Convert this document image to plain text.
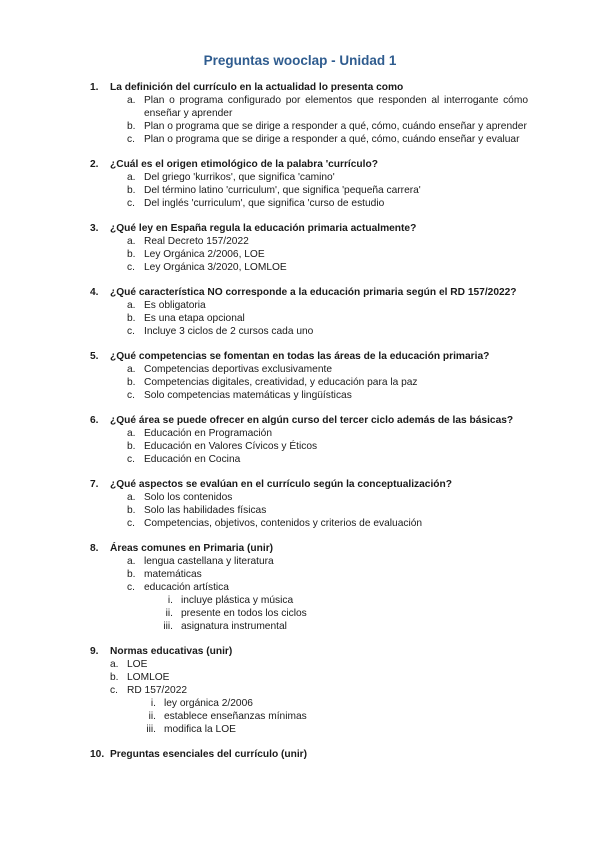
Preguntas wooclap - Unidad 1
1.	La definición del currículo en la actualidad lo presenta como
a. Plan o programa configurado por elementos que responden al interrogante cómo enseñar y aprender
b. Plan o programa que se dirige a responder a qué, cómo, cuándo enseñar y aprender
c. Plan o programa que se dirige a responder a qué, cómo, cuándo enseñar y evaluar
2.	¿Cuál es el origen etimológico de la palabra 'currículo?
a. Del griego 'kurrikos', que significa 'camino'
b. Del término latino 'curriculum', que significa 'pequeña carrera'
c. Del inglés 'curriculum', que significa 'curso de estudio
3.	¿Qué ley en España regula la educación primaria actualmente?
a. Real Decreto 157/2022
b. Ley Orgánica 2/2006, LOE
c. Ley Orgánica 3/2020, LOMLOE
4.	¿Qué característica NO corresponde a la educación primaria según el RD 157/2022?
a. Es obligatoria
b. Es una etapa opcional
c. Incluye 3 ciclos de 2 cursos cada uno
5.	¿Qué competencias se fomentan en todas las áreas de la educación primaria?
a. Competencias deportivas exclusivamente
b. Competencias digitales, creatividad, y educación para la paz
c. Solo competencias matemáticas y lingüísticas
6.	¿Qué área se puede ofrecer en algún curso del tercer ciclo además de las básicas?
a. Educación en Programación
b. Educación en Valores Cívicos y Éticos
c. Educación en Cocina
7.	¿Qué aspectos se evalúan en el currículo según la conceptualización?
a. Solo los contenidos
b. Solo las habilidades físicas
c. Competencias, objetivos, contenidos y criterios de evaluación
8.	Áreas comunes en Primaria (unir)
a. lengua castellana y literatura
b. matemáticas
c. educación artística
i. incluye plástica y música
ii. presente en todos los ciclos
iii. asignatura instrumental
9.	Normas educativas (unir)
a. LOE
b. LOMLOE
c. RD 157/2022
i. ley orgánica 2/2006
ii. establece enseñanzas mínimas
iii. modifica la LOE
10. Preguntas esenciales del currículo (unir)
